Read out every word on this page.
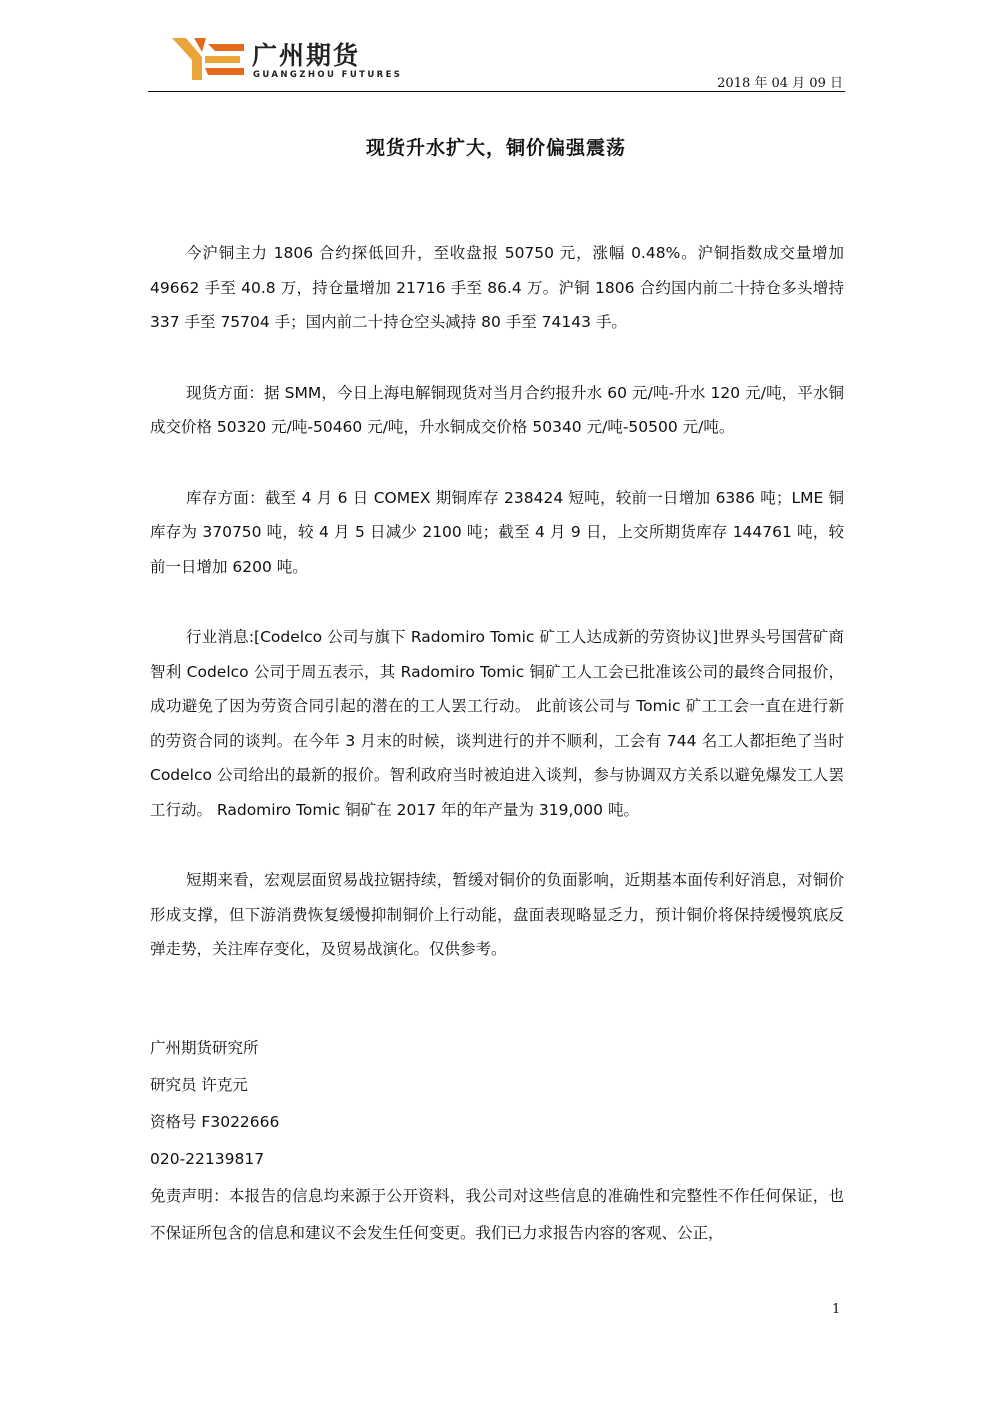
广州期货
GUANGZHOU FUTURES
2018 年 04 月 09 日
现货升水扩大，铜价偏强震荡

今沪铜主力 1806 合约探低回升，至收盘报 50750 元，涨幅 0.48%。沪铜指数成交量增加 49662 手至 40.8 万，持仓量增加 21716 手至 86.4 万。沪铜 1806 合约国内前二十持仓多头增持 337 手至 75704 手；国内前二十持仓空头减持 80 手至 74143 手。

现货方面：据 SMM，今日上海电解铜现货对当月合约报升水 60 元/吨-升水 120 元/吨，平水铜成交价格 50320 元/吨-50460 元/吨，升水铜成交价格 50340 元/吨-50500 元/吨。

库存方面：截至 4 月 6 日 COMEX 期铜库存 238424 短吨，较前一日增加 6386 吨；LME 铜库存为 370750 吨，较 4 月 5 日减少 2100 吨；截至 4 月 9 日，上交所期货库存 144761 吨，较前一日增加 6200 吨。

行业消息:[Codelco 公司与旗下 Radomiro Tomic 矿工人达成新的劳资协议]世界头号国营矿商智利 Codelco 公司于周五表示，其 Radomiro Tomic 铜矿工人工会已批准该公司的最终合同报价，成功避免了因为劳资合同引起的潜在的工人罢工行动。 此前该公司与 Tomic 矿工工会一直在进行新的劳资合同的谈判。在今年 3 月末的时候，谈判进行的并不顺利，工会有 744 名工人都拒绝了当时 Codelco 公司给出的最新的报价。智利政府当时被迫进入谈判，参与协调双方关系以避免爆发工人罢工行动。 Radomiro Tomic 铜矿在 2017 年的年产量为 319,000 吨。

短期来看，宏观层面贸易战拉锯持续，暂缓对铜价的负面影响，近期基本面传利好消息，对铜价形成支撑，但下游消费恢复缓慢抑制铜价上行动能，盘面表现略显乏力，预计铜价将保持缓慢筑底反弹走势，关注库存变化，及贸易战演化。仅供参考。

广州期货研究所
研究员 许克元
资格号 F3022666
020-22139817
免责声明：本报告的信息均来源于公开资料，我公司对这些信息的准确性和完整性不作任何保证，也不保证所包含的信息和建议不会发生任何变更。我们已力求报告内容的客观、公正，
1
